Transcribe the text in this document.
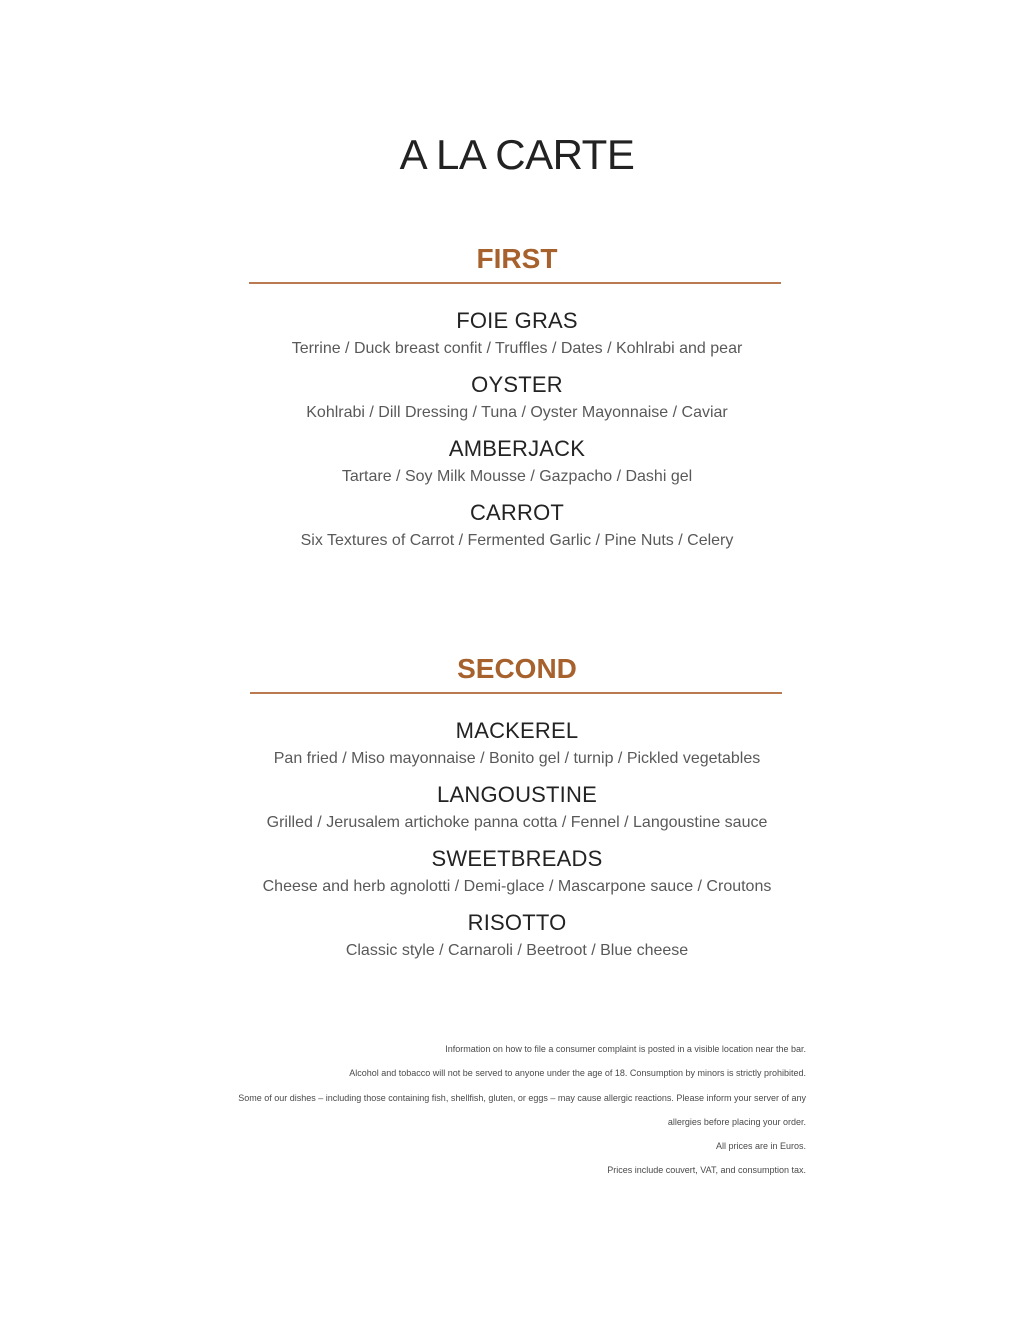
A LA CARTE
FIRST
FOIE GRAS
Terrine / Duck breast confit / Truffles / Dates / Kohlrabi and pear
OYSTER
Kohlrabi / Dill Dressing / Tuna / Oyster Mayonnaise / Caviar
AMBERJACK
Tartare / Soy Milk Mousse / Gazpacho / Dashi gel
CARROT
Six Textures of Carrot / Fermented Garlic / Pine Nuts / Celery
SECOND
MACKEREL
Pan fried / Miso mayonnaise / Bonito gel / turnip / Pickled vegetables
LANGOUSTINE
Grilled / Jerusalem artichoke panna cotta / Fennel / Langoustine sauce
SWEETBREADS
Cheese and herb agnolotti / Demi-glace / Mascarpone sauce / Croutons
RISOTTO
Classic style / Carnaroli / Beetroot / Blue cheese
Information on how to file a consumer complaint is posted in a visible location near the bar.
Alcohol and tobacco will not be served to anyone under the age of 18. Consumption by minors is strictly prohibited.
Some of our dishes – including those containing fish, shellfish, gluten, or eggs – may cause allergic reactions. Please inform your server of any
allergies before placing your order.
All prices are in Euros.
Prices include couvert, VAT, and consumption tax.
